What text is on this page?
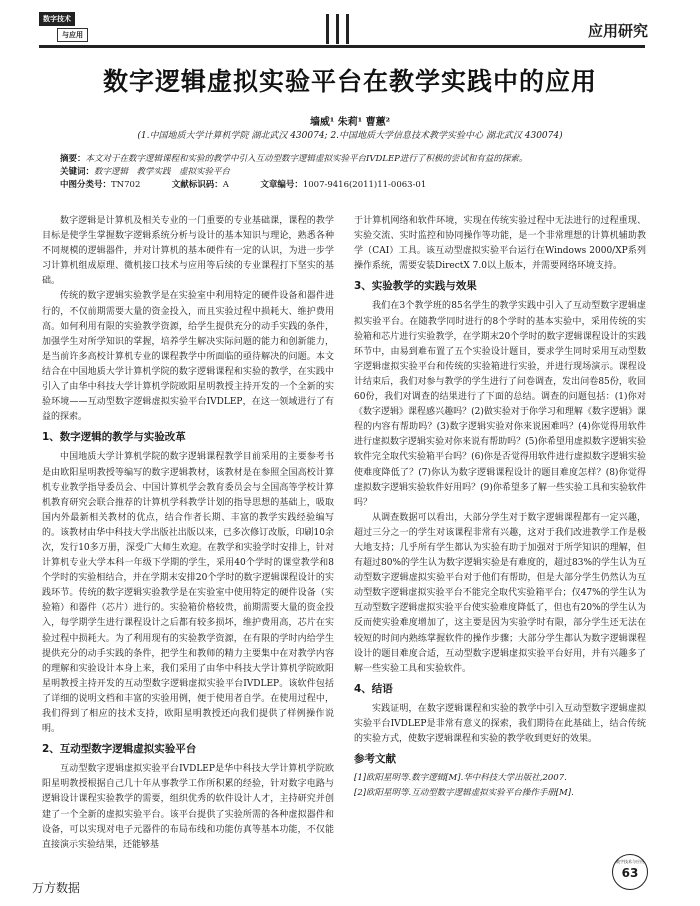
数字技术
与应用	应用研究
数字逻辑虚拟实验平台在教学实践中的应用
墙威¹ 朱莉¹ 曹蕙²
(1.中国地质大学计算机学院 湖北武汉 430074; 2.中国地质大学信息技术教学实验中心 湖北武汉 430074)
摘要：本文对于在数字逻辑课程和实验的教学中引入互动型数字逻辑虚拟实验平台IVDLEP进行了积极的尝试和有益的探索。
关键词：数字逻辑　教学实践　虚拟实验平台
中图分类号：TN702	文献标识码：A	文章编号：1007-9416(2011)11-0063-01

数字逻辑是计算机及相关专业的一门重要的专业基础课，课程的教学目标是使学生掌握数字逻辑系统分析与设计的基本知识与理论，熟悉各种不同规模的逻辑器件，并对计算机的基本硬件有一定的认识，为进一步学习计算机组成原理、微机接口技术与应用等后续的专业课程打下坚实的基础。

传统的数字逻辑实验教学是在实验室中利用特定的硬件设备和器件进行的，不仅前期需要大量的资金投入，而且实验过程中损耗大、维护费用高。如何利用有限的实验教学资源，给学生提供充分的动手实践的条件，加强学生对所学知识的掌握，培养学生解决实际问题的能力和创新能力，是当前许多高校计算机专业的课程教学中所面临的亟待解决的问题。本文结合在中国地质大学计算机学院的数字逻辑课程和实验的教学，在实践中引入了由华中科技大学计算机学院欧阳星明教授主持开发的一个全新的实验环境——互动型数字逻辑虚拟实验平台IVDLEP，在这一领域进行了有益的探索。

1、数字逻辑的教学与实验改革

中国地质大学计算机学院的数字逻辑课程教学目前采用的主要参考书是由欧阳星明教授等编写的数字逻辑教材，该教材是在参照全国高校计算机专业教学指导委员会、中国计算机学会教育委员会与全国高等学校计算机教育研究会联合推荐的计算机学科教学计划的指导思想的基础上，吸取国内外最新相关教材的优点，结合作者长期、丰富的教学实践经验编写的。该教材由华中科技大学出版社出版以来，已多次修订改版，印刷10余次，发行10多万册，深受广大师生欢迎。在教学和实验学时安排上，针对计算机专业大学本科一年级下学期的学生，采用40个学时的课堂教学和8个学时的实验相结合，并在学期末安排20个学时的数字逻辑课程设计的实践环节。传统的数字逻辑实验教学是在实验室中使用特定的硬件设备（实验箱）和器件（芯片）进行的。实验箱价格较贵，前期需要大量的资金投入，每学期学生进行课程设计之后都有较多损坏，维护费用高，芯片在实验过程中损耗大。为了利用现有的实验教学资源，在有限的学时内给学生提供充分的动手实践的条件，把学生和教师的精力主要集中在对教学内容的理解和实验设计本身上来，我们采用了由华中科技大学计算机学院欧阳星明教授主持开发的互动型数字逻辑虚拟实验平台IVDLEP。该软件包括了详细的说明文档和丰富的实验用例，便于使用者自学。在使用过程中，我们得到了相应的技术支持，欧阳星明教授还向我们提供了样例操作说明。

2、互动型数字逻辑虚拟实验平台

互动型数字逻辑虚拟实验平台IVDLEP是华中科技大学计算机学院欧阳星明教授根据自己几十年从事教学工作所积累的经验，针对数字电路与逻辑设计课程实验教学的需要，组织优秀的软件设计人才，主持研究并创建了一个全新的虚拟实验平台。该平台提供了实验所需的各种虚拟器件和设备，可以实现对电子元器件的布局布线和功能仿真等基本功能，不仅能直接演示实验结果，还能够基

于计算机网络和软件环境，实现在传统实验过程中无法进行的过程重现、实验交流、实时监控和协同操作等功能，是一个非常理想的计算机辅助教学（CAI）工具。该互动型虚拟实验平台运行在Windows 2000/XP系列操作系统，需要安装DirectX 7.0以上版本，并需要网络环境支持。

3、实验教学的实践与效果

我们在3个教学班的85名学生的教学实践中引入了互动型数字逻辑虚拟实验平台。在随教学同时进行的8个学时的基本实验中，采用传统的实验箱和芯片进行实验教学，在学期末20个学时的数字逻辑课程设计的实践环节中，由易到难布置了五个实验设计题目，要求学生同时采用互动型数字逻辑虚拟实验平台和传统的实验箱进行实验，并进行现场演示。课程设计结束后，我们对参与教学的学生进行了问卷调查，发出问卷85份，收回60份，我们对调查的结果进行了下面的总结。调查的问题包括：(1)你对《数字逻辑》课程感兴趣吗？(2)做实验对于你学习和理解《数字逻辑》课程的内容有帮助吗？(3)数字逻辑实验对你来说困难吗？(4)你觉得用软件进行虚拟数字逻辑实验对你来说有帮助吗？(5)你希望用虚拟数字逻辑实验软件完全取代实验箱平台吗？(6)你是否觉得用软件进行虚拟数字逻辑实验使难度降低了？(7)你认为数字逻辑课程设计的题目难度怎样？(8)你觉得虚拟数字逻辑实验软件好用吗？(9)你希望多了解一些实验工具和实验软件吗？

从调查数据可以看出，大部分学生对于数字逻辑课程都有一定兴趣，超过三分之一的学生对该课程非常有兴趣，这对于我们改进教学工作是极大地支持；几乎所有学生都认为实验有助于加强对于所学知识的理解，但有超过80%的学生认为数字逻辑实验是有难度的，超过83%的学生认为互动型数字逻辑虚拟实验平台对于他们有帮助，但是大部分学生仍然认为互动型数字逻辑虚拟实验平台不能完全取代实验箱平台；仅47%的学生认为互动型数字逻辑虚拟实验平台使实验难度降低了，但也有20%的学生认为反而使实验难度增加了，这主要是因为实验学时有限，部分学生还无法在较短的时间内熟练掌握软件的操作步骤；大部分学生都认为数字逻辑课程设计的题目难度合适，互动型数字逻辑虚拟实验平台好用，并有兴趣多了解一些实验工具和实验软件。

4、结语

实践证明，在数字逻辑课程和实验的教学中引入互动型数字逻辑虚拟实验平台IVDLEP是非常有意义的探索，我们期待在此基础上，结合传统的实验方式，使数字逻辑课程和实验的教学收到更好的效果。

参考文献
[1]欧阳星明等.数字逻辑[M].华中科技大学出版社,2007.
[2]欧阳星明等.互动型数字逻辑虚拟实验平台操作手册[M].
万方数据
数字技术与应用
63
